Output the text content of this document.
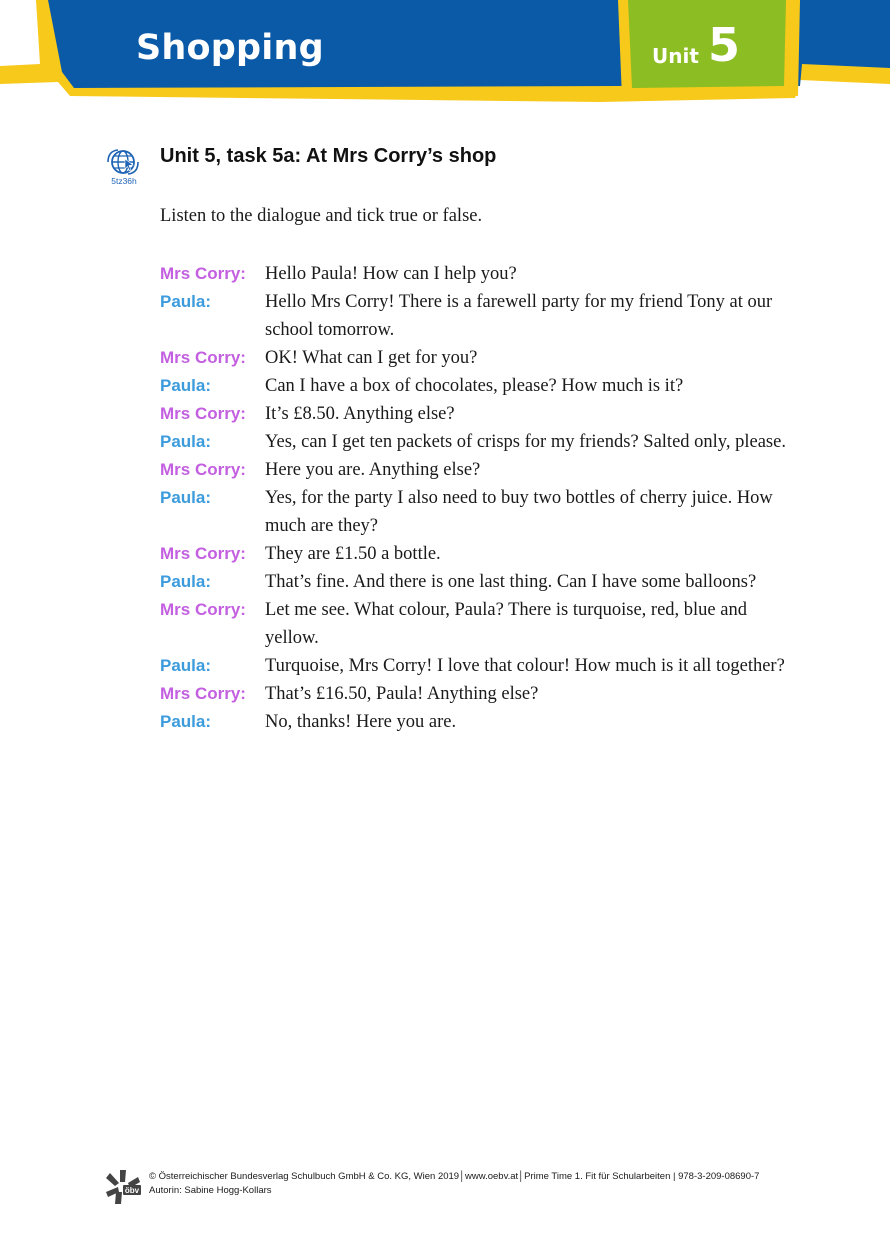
Shopping	Unit 5
5tz36h
Unit 5, task 5a: At Mrs Corry’s shop
Listen to the dialogue and tick true or false.
Mrs Corry:	Hello Paula! How can I help you?
Paula:	Hello Mrs Corry! There is a farewell party for my friend Tony at our school tomorrow.
Mrs Corry:	OK! What can I get for you?
Paula:	Can I have a box of chocolates, please? How much is it?
Mrs Corry:	It’s £8.50. Anything else?
Paula:	Yes, can I get ten packets of crisps for my friends? Salted only, please.
Mrs Corry:	Here you are. Anything else?
Paula:	Yes, for the party I also need to buy two bottles of cherry juice. How much are they?
Mrs Corry:	They are £1.50 a bottle.
Paula:	That’s fine. And there is one last thing. Can I have some balloons?
Mrs Corry:	Let me see. What colour, Paula? There is turquoise, red, blue and yellow.
Paula:	Turquoise, Mrs Corry! I love that colour! How much is it all together?
Mrs Corry:	That’s £16.50, Paula! Anything else?
Paula:	No, thanks! Here you are.
öbv
© Österreichischer Bundesverlag Schulbuch GmbH & Co. KG, Wien 2019│www.oebv.at│Prime Time 1. Fit für Schularbeiten | 978-3-209-08690-7
Autorin: Sabine Hogg-Kollars
